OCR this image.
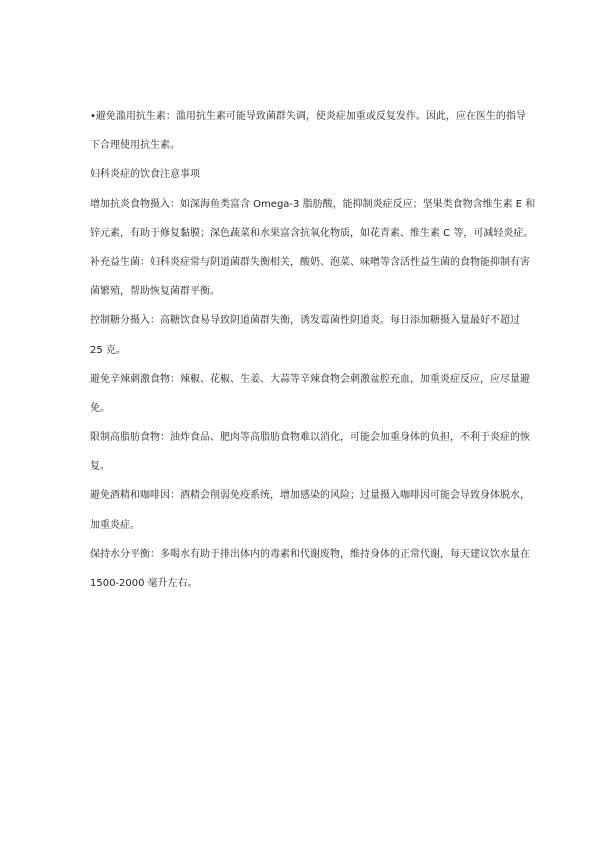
•避免滥用抗生素：滥用抗生素可能导致菌群失调，使炎症加重或反复发作。因此，应在医生的指导
下合理使用抗生素。
妇科炎症的饮食注意事项
增加抗炎食物摄入：如深海鱼类富含 Omega-3 脂肪酸，能抑制炎症反应；坚果类食物含维生素 E 和
锌元素，有助于修复黏膜；深色蔬菜和水果富含抗氧化物质，如花青素、维生素 C 等，可减轻炎症。
补充益生菌：妇科炎症常与阴道菌群失衡相关，酸奶、泡菜、味噌等含活性益生菌的食物能抑制有害
菌繁殖，帮助恢复菌群平衡。
控制糖分摄入：高糖饮食易导致阴道菌群失衡，诱发霉菌性阴道炎。每日添加糖摄入量最好不超过
25 克。
避免辛辣刺激食物：辣椒、花椒、生姜、大蒜等辛辣食物会刺激盆腔充血，加重炎症反应，应尽量避
免。
限制高脂肪食物：油炸食品、肥肉等高脂肪食物难以消化，可能会加重身体的负担，不利于炎症的恢
复。
避免酒精和咖啡因：酒精会削弱免疫系统，增加感染的风险；过量摄入咖啡因可能会导致身体脱水，
加重炎症。
保持水分平衡：多喝水有助于排出体内的毒素和代谢废物，维持身体的正常代谢，每天建议饮水量在
1500-2000 毫升左右。
